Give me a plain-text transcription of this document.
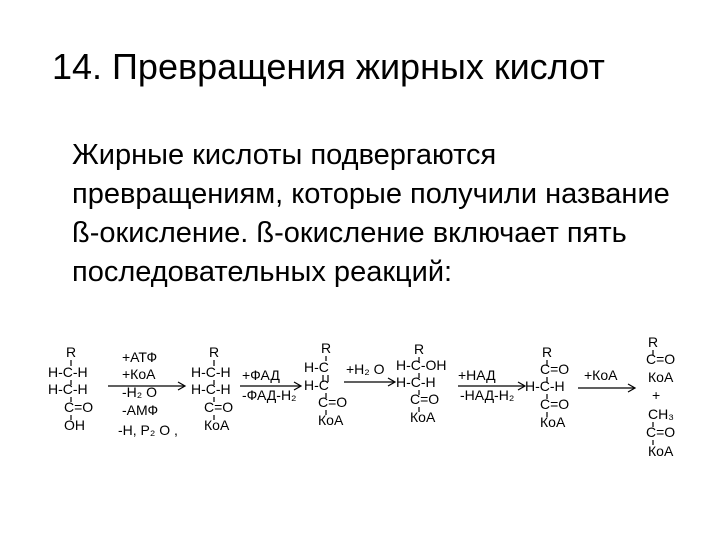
14. Превращения жирных кислот
Жирные кислоты подвергаются превращениям, которые получили название ß-окисление. ß-окисление включает пять последовательных реакций:
R
H-C-H
H-C-H
C=O
OH
+АТФ
+КоА
-H₂ O
-АМФ
-H, P₂ O ,
R
H-C-H
H-C-H
C=O
КоА
+ФАД
-ФАД-H₂
R
H-C
H-C
C=O
КоА
+H₂ O
R
H-C-OH
H-C-H
C=O
КоА
+НАД
-НАД-H₂
R
C=O
H-C-H
C=O
КоА
+КоА
R
C=O
КоА
+
CH₃
C=O
КоА
